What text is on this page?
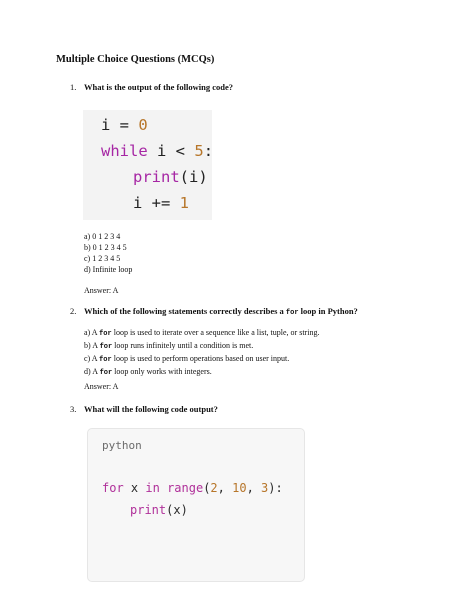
Multiple Choice Questions (MCQs)
1. What is the output of the following code?
i = 0
while i < 5:
print(i)
i += 1
a) 0 1 2 3 4
b) 0 1 2 3 4 5
c) 1 2 3 4 5
d) Infinite loop
Answer: A
2. Which of the following statements correctly describes a for loop in Python?
a) A for loop is used to iterate over a sequence like a list, tuple, or string.
b) A for loop runs infinitely until a condition is met.
c) A for loop is used to perform operations based on user input.
d) A for loop only works with integers.
Answer: A
3. What will the following code output?
python
for x in range(2, 10, 3):
print(x)
